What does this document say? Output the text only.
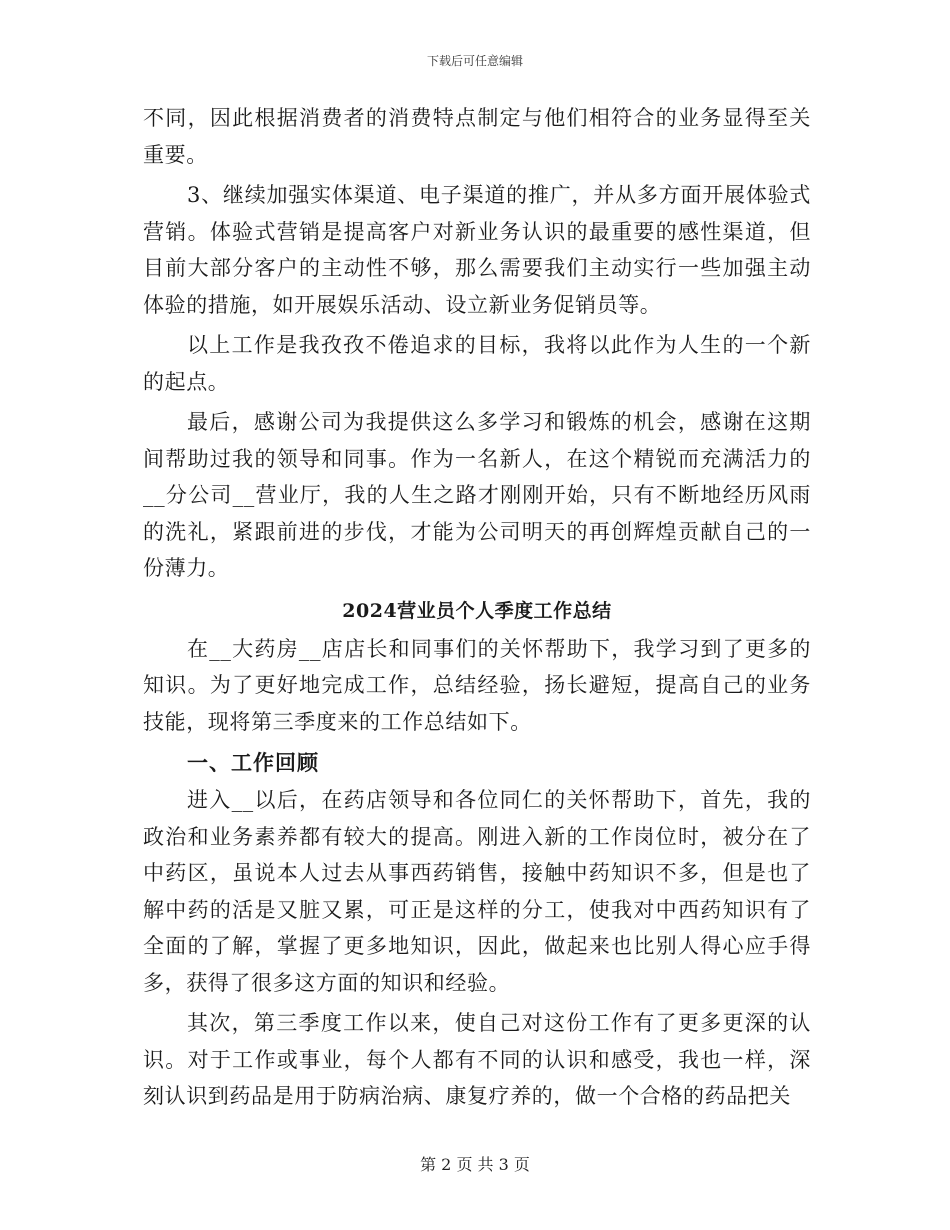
下载后可任意编辑

不同，因此根据消费者的消费特点制定与他们相符合的业务显得至关重要。

3、继续加强实体渠道、电子渠道的推广，并从多方面开展体验式营销。体验式营销是提高客户对新业务认识的最重要的感性渠道，但目前大部分客户的主动性不够，那么需要我们主动实行一些加强主动体验的措施，如开展娱乐活动、设立新业务促销员等。

以上工作是我孜孜不倦追求的目标，我将以此作为人生的一个新的起点。

最后，感谢公司为我提供这么多学习和锻炼的机会，感谢在这期间帮助过我的领导和同事。作为一名新人，在这个精锐而充满活力的__分公司__营业厅，我的人生之路才刚刚开始，只有不断地经历风雨的洗礼，紧跟前进的步伐，才能为公司明天的再创辉煌贡献自己的一份薄力。

2024营业员个人季度工作总结

在__大药房__店店长和同事们的关怀帮助下，我学习到了更多的知识。为了更好地完成工作，总结经验，扬长避短，提高自己的业务技能，现将第三季度来的工作总结如下。

一、工作回顾

进入__以后，在药店领导和各位同仁的关怀帮助下，首先，我的政治和业务素养都有较大的提高。刚进入新的工作岗位时，被分在了中药区，虽说本人过去从事西药销售，接触中药知识不多，但是也了解中药的活是又脏又累，可正是这样的分工，使我对中西药知识有了全面的了解，掌握了更多地知识，因此，做起来也比别人得心应手得多，获得了很多这方面的知识和经验。

其次，第三季度工作以来，使自己对这份工作有了更多更深的认识。对于工作或事业，每个人都有不同的认识和感受，我也一样，深刻认识到药品是用于防病治病、康复疗养的，做一个合格的药品把关

第 2 页 共 3 页
